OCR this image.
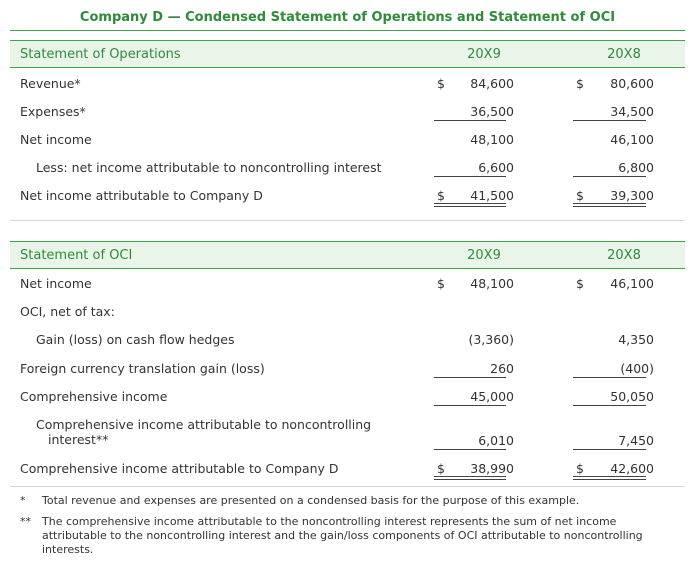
Company D — Condensed Statement of Operations and Statement of OCI
Statement of Operations	20X9	20X8
Revenue*	$	84,600	$	80,600
Expenses*	36,500	34,500
Net income	48,100	46,100
Less: net income attributable to noncontrolling interest	6,600	6,800
Net income attributable to Company D	$	41,500	$	39,300
Statement of OCI	20X9	20X8
Net income	$	48,100	$	46,100
OCI, net of tax:
Gain (loss) on cash flow hedges	(3,360)	4,350
Foreign currency translation gain (loss)	260	(400)
Comprehensive income	45,000	50,050
Comprehensive income attributable to noncontrolling
interest**	6,010	7,450
Comprehensive income attributable to Company D	$	38,990	$	42,600
* Total revenue and expenses are presented on a condensed basis for the purpose of this example.
** The comprehensive income attributable to the noncontrolling interest represents the sum of net income attributable to the noncontrolling interest and the gain/loss components of OCI attributable to noncontrolling interests.
